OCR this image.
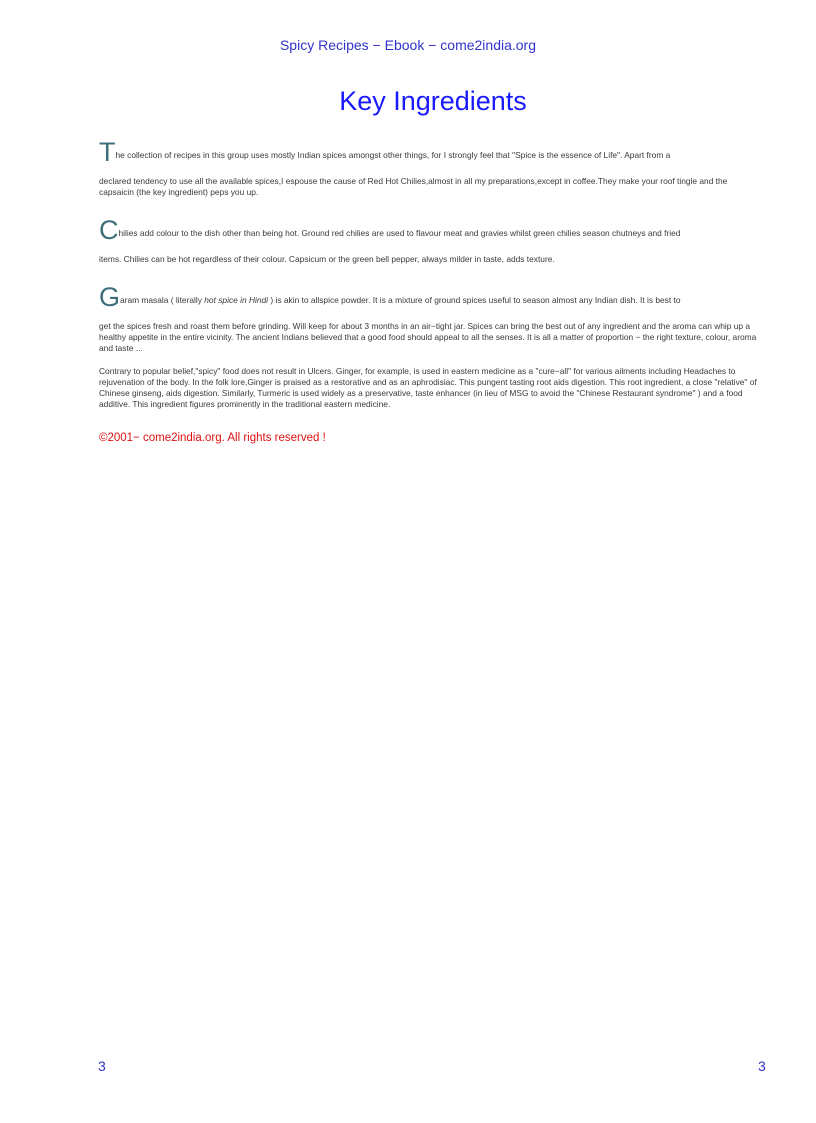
Spicy Recipes − Ebook − come2india.org
Key Ingredients

The collection of recipes in this group uses mostly Indian spices amongst other things, for I strongly feel that "Spice is the essence of Life". Apart from a
declared tendency to use all the available spices,I espouse the cause of Red Hot Chilies,almost in all my preparations,except in coffee.They make your roof tingle and the capsaicin (the key ingredient) peps you up.

Chilies add colour to the dish other than being hot. Ground red chilies are used to flavour meat and gravies whilst green chilies season chutneys and fried
items. Chilies can be hot regardless of their colour. Capsicum or the green bell pepper, always milder in taste, adds texture.

Garam masala ( literally hot spice in Hindi ) is akin to allspice powder. It is a mixture of ground spices useful to season almost any Indian dish. It is best to
get the spices fresh and roast them before grinding. Will keep for about 3 months in an air−tight jar. Spices can bring the best out of any ingredient and the aroma can whip up a healthy appetite in the entire vicinity. The ancient Indians believed that a good food should appeal to all the senses. It is all a matter of proportion − the right texture, colour, aroma and taste ...

Contrary to popular belief,"spicy" food does not result in Ulcers. Ginger, for example, is used in eastern medicine as a "cure−all" for various ailments including Headaches to rejuvenation of the body. In the folk lore,Ginger is praised as a restorative and as an aphrodisiac. This pungent tasting root aids digestion. This root ingredient, a close "relative" of Chinese ginseng, aids digestion. Similarly, Turmeric is used widely as a preservative, taste enhancer (in lieu of MSG to avoid the "Chinese Restaurant syndrome" ) and a food additive. This ingredient figures prominently in the traditional eastern medicine.

©2001− come2india.org. All rights reserved !
3	3
